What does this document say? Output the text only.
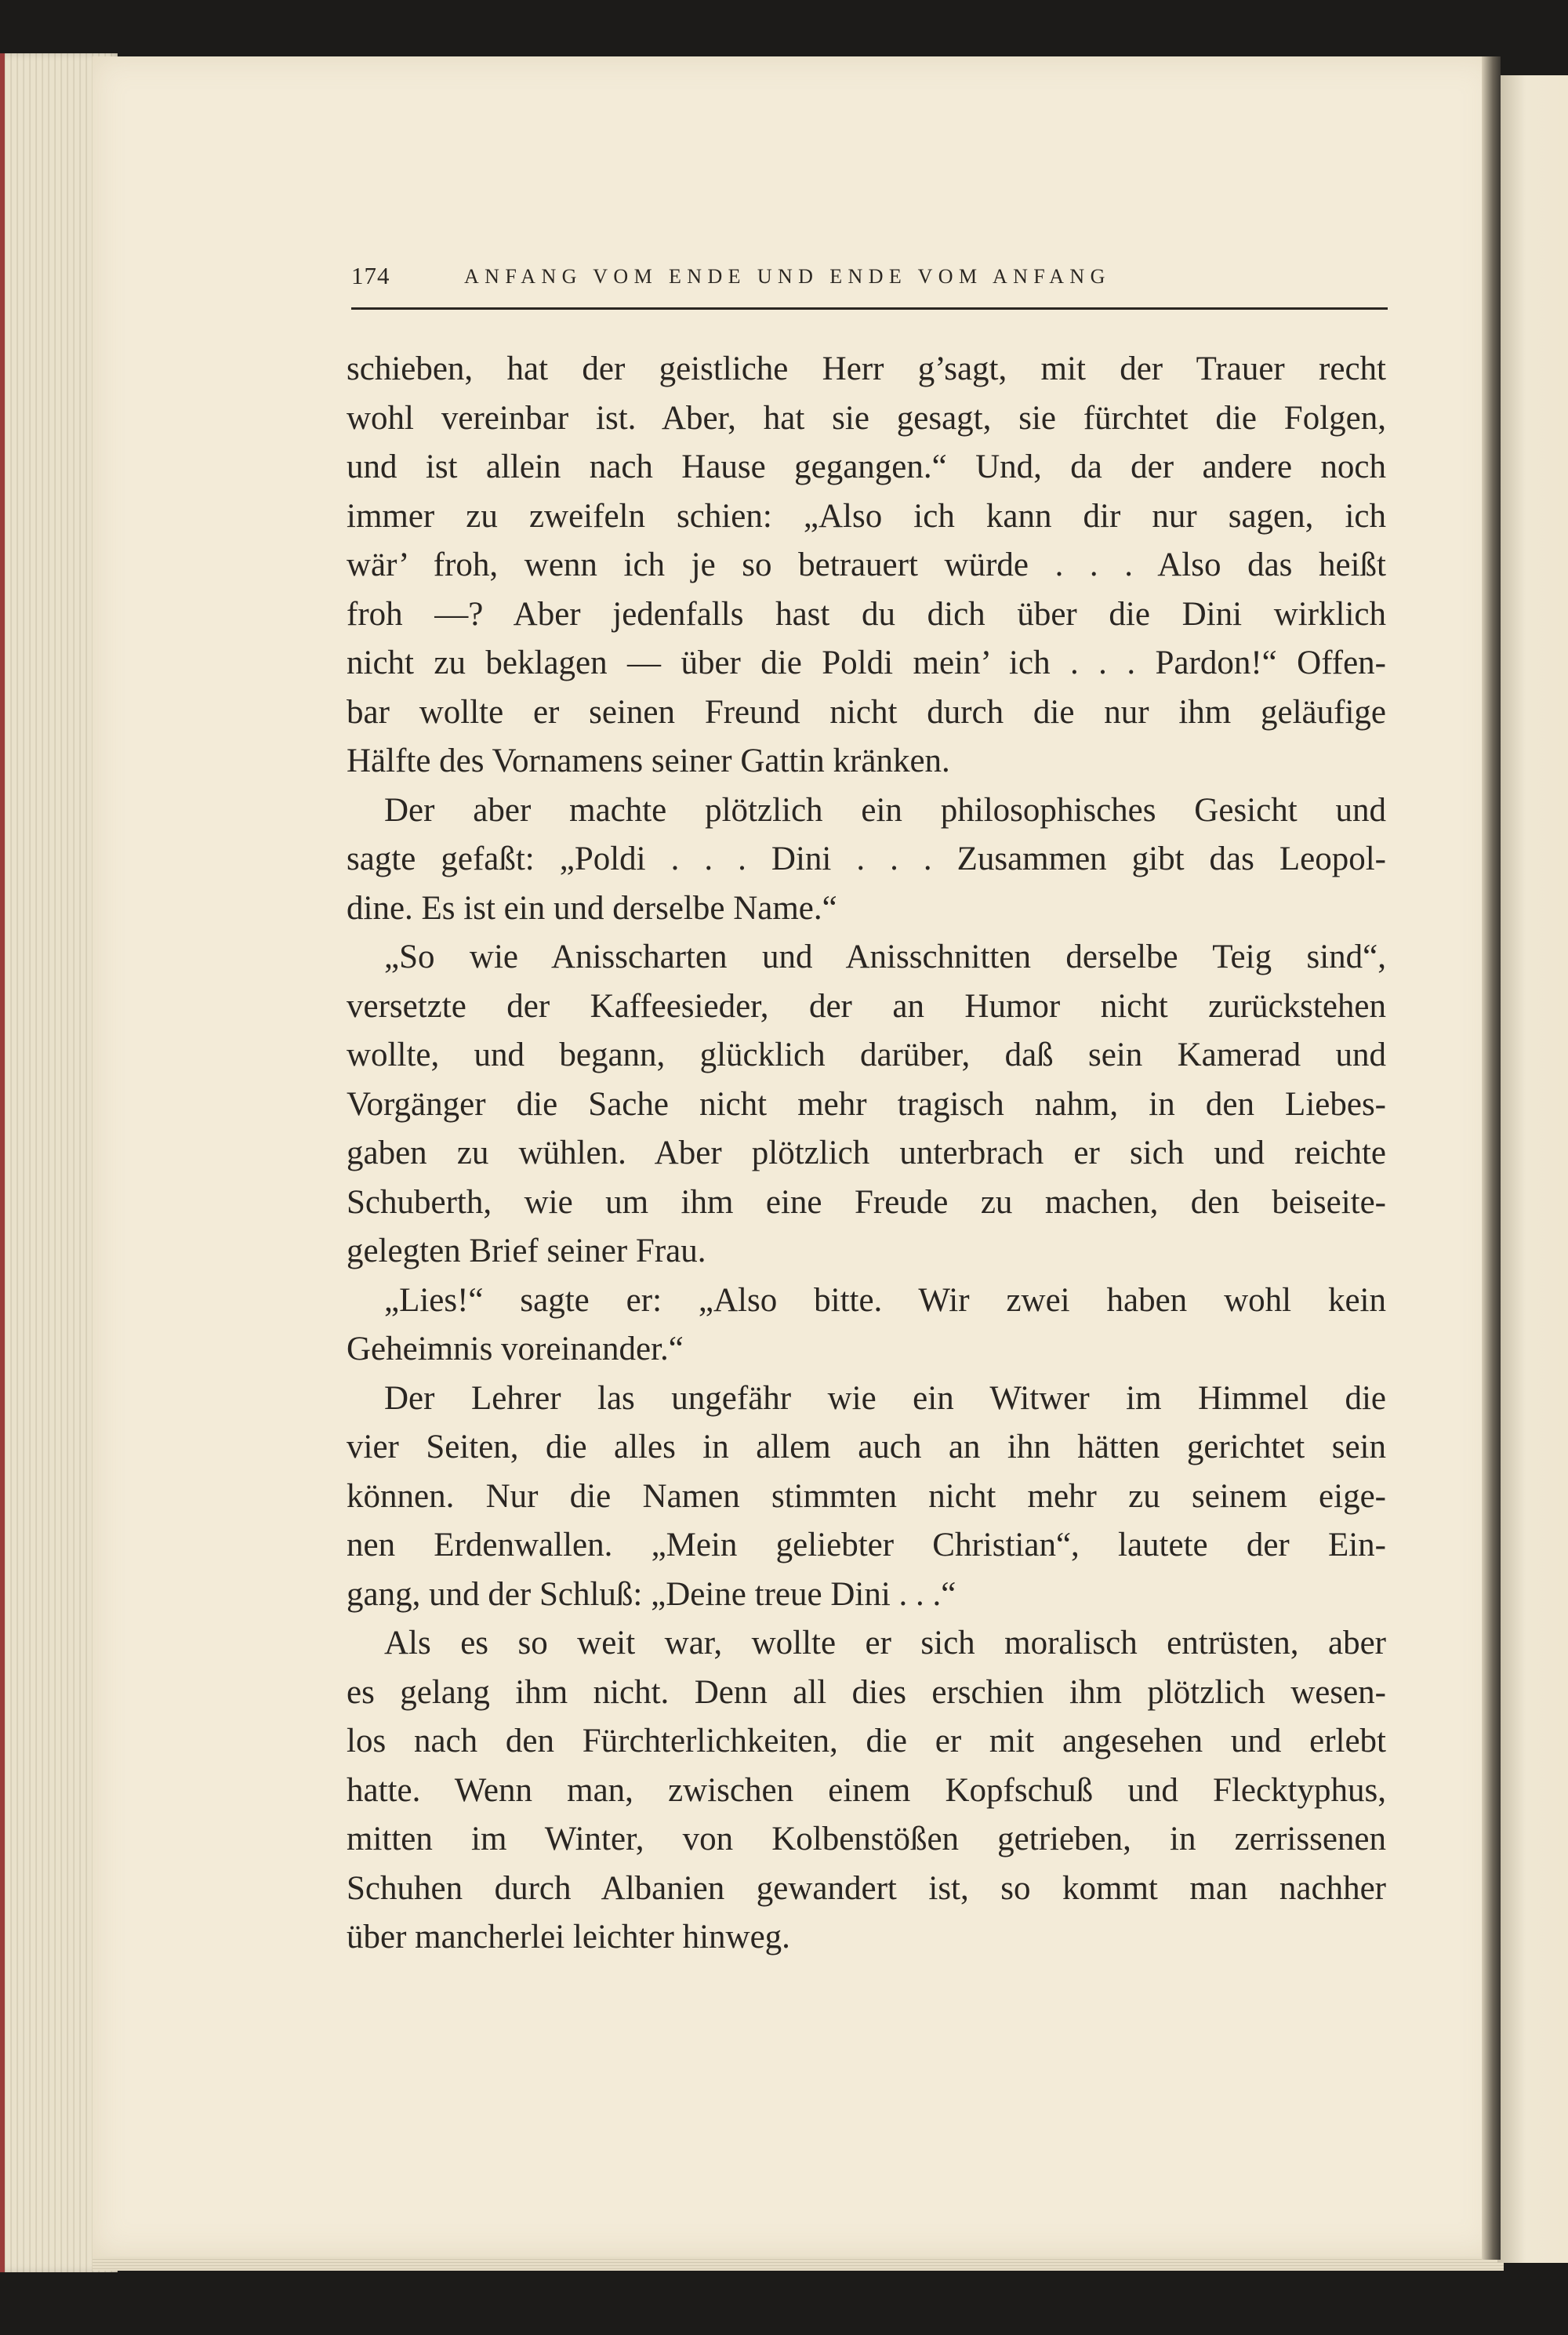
174	ANFANG VOM ENDE UND ENDE VOM ANFANG
schieben, hat der geistliche Herr g’sagt, mit der Trauer recht
wohl vereinbar ist. Aber, hat sie gesagt, sie fürchtet die Folgen,
und ist allein nach Hause gegangen.“ Und, da der andere noch
immer zu zweifeln schien: „Also ich kann dir nur sagen, ich
wär’ froh, wenn ich je so betrauert würde . . . Also das heißt
froh —? Aber jedenfalls hast du dich über die Dini wirklich
nicht zu beklagen — über die Poldi mein’ ich . . . Pardon!“ Offen-
bar wollte er seinen Freund nicht durch die nur ihm geläufige
Hälfte des Vornamens seiner Gattin kränken.
Der aber machte plötzlich ein philosophisches Gesicht und
sagte gefaßt: „Poldi . . . Dini . . . Zusammen gibt das Leopol-
dine. Es ist ein und derselbe Name.“
„So wie Anisscharten und Anisschnitten derselbe Teig sind“,
versetzte der Kaffeesieder, der an Humor nicht zurückstehen
wollte, und begann, glücklich darüber, daß sein Kamerad und
Vorgänger die Sache nicht mehr tragisch nahm, in den Liebes-
gaben zu wühlen. Aber plötzlich unterbrach er sich und reichte
Schuberth, wie um ihm eine Freude zu machen, den beiseite-
gelegten Brief seiner Frau.
„Lies!“ sagte er: „Also bitte. Wir zwei haben wohl kein
Geheimnis voreinander.“
Der Lehrer las ungefähr wie ein Witwer im Himmel die
vier Seiten, die alles in allem auch an ihn hätten gerichtet sein
können. Nur die Namen stimmten nicht mehr zu seinem eige-
nen Erdenwallen. „Mein geliebter Christian“, lautete der Ein-
gang, und der Schluß: „Deine treue Dini . . .“
Als es so weit war, wollte er sich moralisch entrüsten, aber
es gelang ihm nicht. Denn all dies erschien ihm plötzlich wesen-
los nach den Fürchterlichkeiten, die er mit angesehen und erlebt
hatte. Wenn man, zwischen einem Kopfschuß und Flecktyphus,
mitten im Winter, von Kolbenstößen getrieben, in zerrissenen
Schuhen durch Albanien gewandert ist, so kommt man nachher
über mancherlei leichter hinweg.
